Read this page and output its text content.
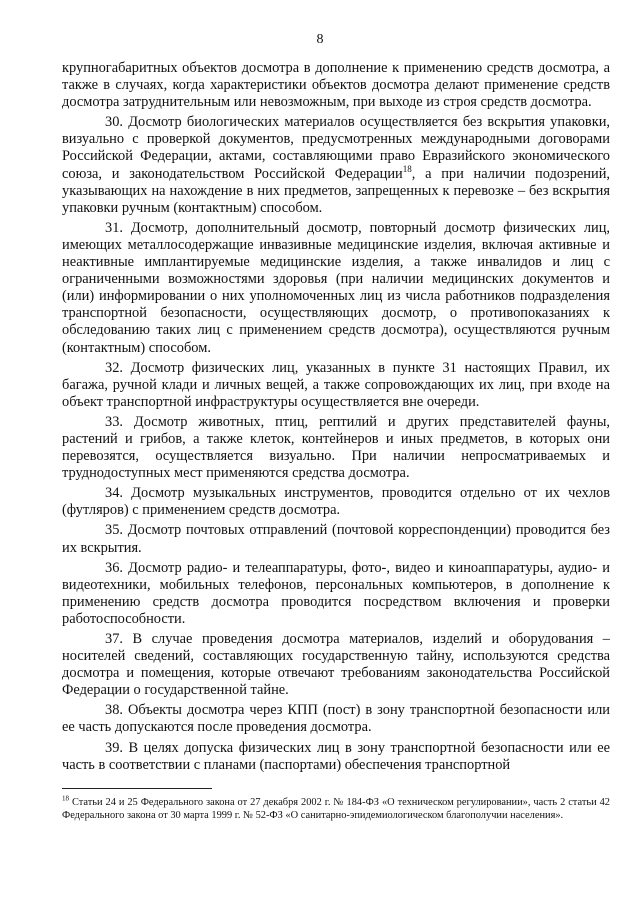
8

крупногабаритных объектов досмотра в дополнение к применению средств досмотра, а также в случаях, когда характеристики объектов досмотра делают применение средств досмотра затруднительным или невозможным, при выходе из строя средств досмотра.

30. Досмотр биологических материалов осуществляется без вскрытия упаковки, визуально с проверкой документов, предусмотренных международными договорами Российской Федерации, актами, составляющими право Евразийского экономического союза, и законодательством Российской Федерации$^{18}$, а при наличии подозрений, указывающих на нахождение в них предметов, запрещенных к перевозке – без вскрытия упаковки ручным (контактным) способом.

31. Досмотр, дополнительный досмотр, повторный досмотр физических лиц, имеющих металлосодержащие инвазивные медицинские изделия, включая активные и неактивные имплантируемые медицинские изделия, а также инвалидов и лиц с ограниченными возможностями здоровья (при наличии медицинских документов и (или) информировании о них уполномоченных лиц из числа работников подразделения транспортной безопасности, осуществляющих досмотр, о противопоказаниях к обследованию таких лиц с применением средств досмотра), осуществляются ручным (контактным) способом.

32. Досмотр физических лиц, указанных в пункте 31 настоящих Правил, их багажа, ручной клади и личных вещей, а также сопровождающих их лиц, при входе на объект транспортной инфраструктуры осуществляется вне очереди.

33. Досмотр животных, птиц, рептилий и других представителей фауны, растений и грибов, а также клеток, контейнеров и иных предметов, в которых они перевозятся, осуществляется визуально. При наличии непросматриваемых и труднодоступных мест применяются средства досмотра.

34. Досмотр музыкальных инструментов, проводится отдельно от их чехлов (футляров) с применением средств досмотра.

35. Досмотр почтовых отправлений (почтовой корреспонденции) проводится без их вскрытия.

36. Досмотр радио- и телеаппаратуры, фото-, видео и киноаппаратуры, аудио- и видеотехники, мобильных телефонов, персональных компьютеров, в дополнение к применению средств досмотра проводится посредством включения и проверки работоспособности.

37. В случае проведения досмотра материалов, изделий и оборудования – носителей сведений, составляющих государственную тайну, используются средства досмотра и помещения, которые отвечают требованиям законодательства Российской Федерации о государственной тайне.

38. Объекты досмотра через КПП (пост) в зону транспортной безопасности или ее часть допускаются после проведения досмотра.

39. В целях допуска физических лиц в зону транспортной безопасности или ее часть в соответствии с планами (паспортами) обеспечения транспортной

$^{18}$ Статьи 24 и 25 Федерального закона от 27 декабря 2002 г. № 184-ФЗ «О техническом регулировании», часть 2 статьи 42 Федерального закона от 30 марта 1999 г. № 52-ФЗ «О санитарно-эпидемиологическом благополучии населения».
